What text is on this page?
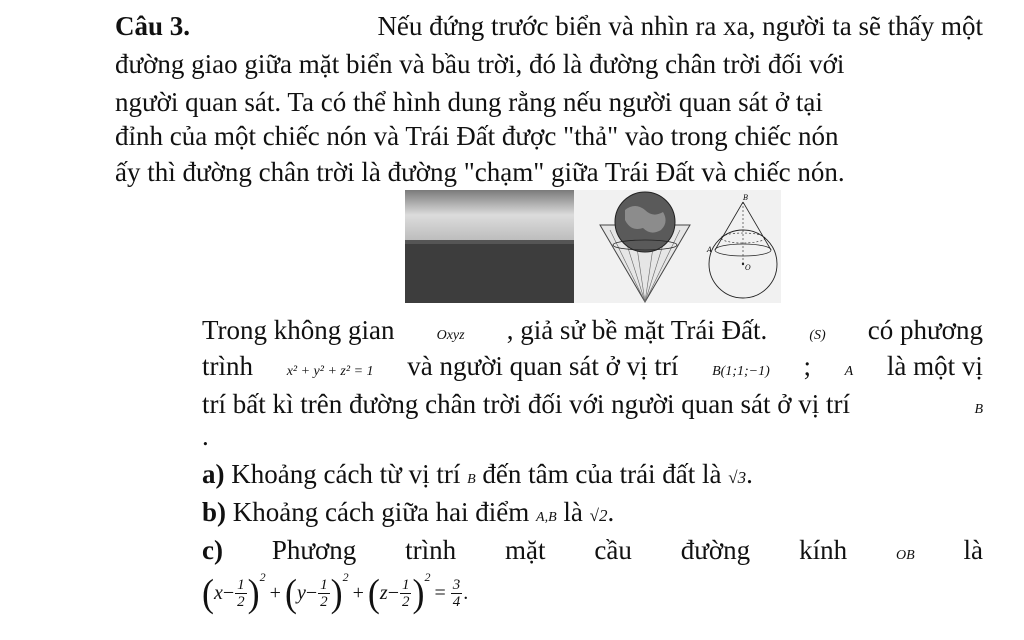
Câu 3.	Nếu đứng trước biển và nhìn ra xa, người ta sẽ thấy một
đường giao giữa mặt biển và bầu trời, đó là đường chân trời đối với
người quan sát. Ta có thể hình dung rằng nếu người quan sát ở tại
đỉnh của một chiếc nón và Trái Đất được "thả" vào trong chiếc nón
ấy thì đường chân trời là đường "chạm" giữa Trái Đất và chiếc nón.
B
A
O
Trong không gian	Oxyz , giả sử bề mặt Trái Đất.	(S) có phương
trình x² + y² + z² = 1 và người quan sát ở vị trí B(1;1;−1) ; A là một vị
trí bất kì trên đường chân trời đối với người quan sát ở vị trí	B
.
a) Khoảng cách từ vị trí B đến tâm của trái đất là √3.
b) Khoảng cách giữa hai điểm A,B là √2.
c) Phương trình mặt cầu đường kính	OB là
( $x - \frac{1}{2}$ ) 2
+ ( $y - \frac{1}{2}$ ) 2
+ ( $z - \frac{1}{2}$ ) 2
= $\frac{3}{4}$ .
